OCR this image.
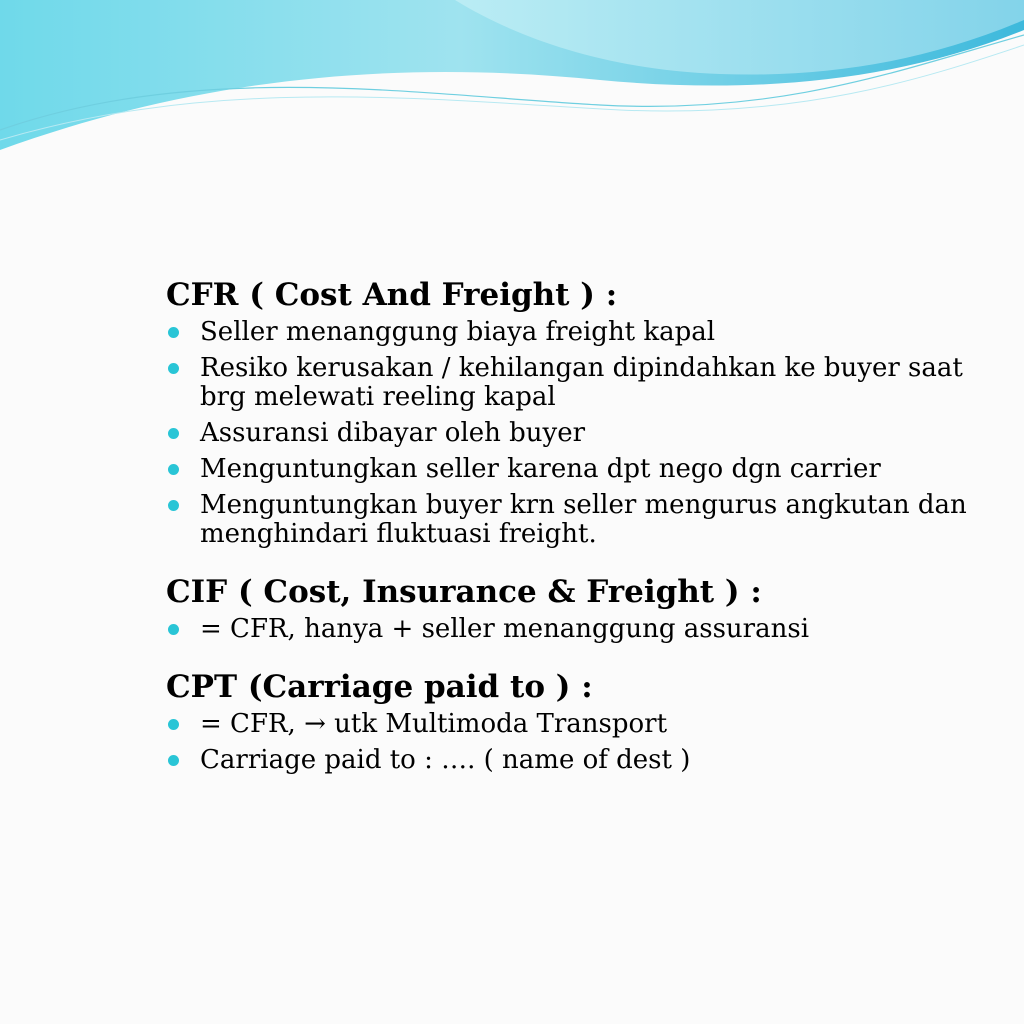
CFR ( Cost And Freight ) :
Seller menanggung biaya freight kapal
Resiko kerusakan / kehilangan dipindahkan ke buyer saat brg melewati reeling kapal
Assuransi dibayar oleh buyer
Menguntungkan seller karena dpt nego dgn carrier
Menguntungkan buyer krn seller mengurus angkutan dan menghindari fluktuasi freight.
CIF ( Cost, Insurance & Freight ) :
= CFR, hanya + seller menanggung assuransi
CPT (Carriage paid to ) :
= CFR, → utk Multimoda Transport
Carriage paid to : …. ( name of dest )
